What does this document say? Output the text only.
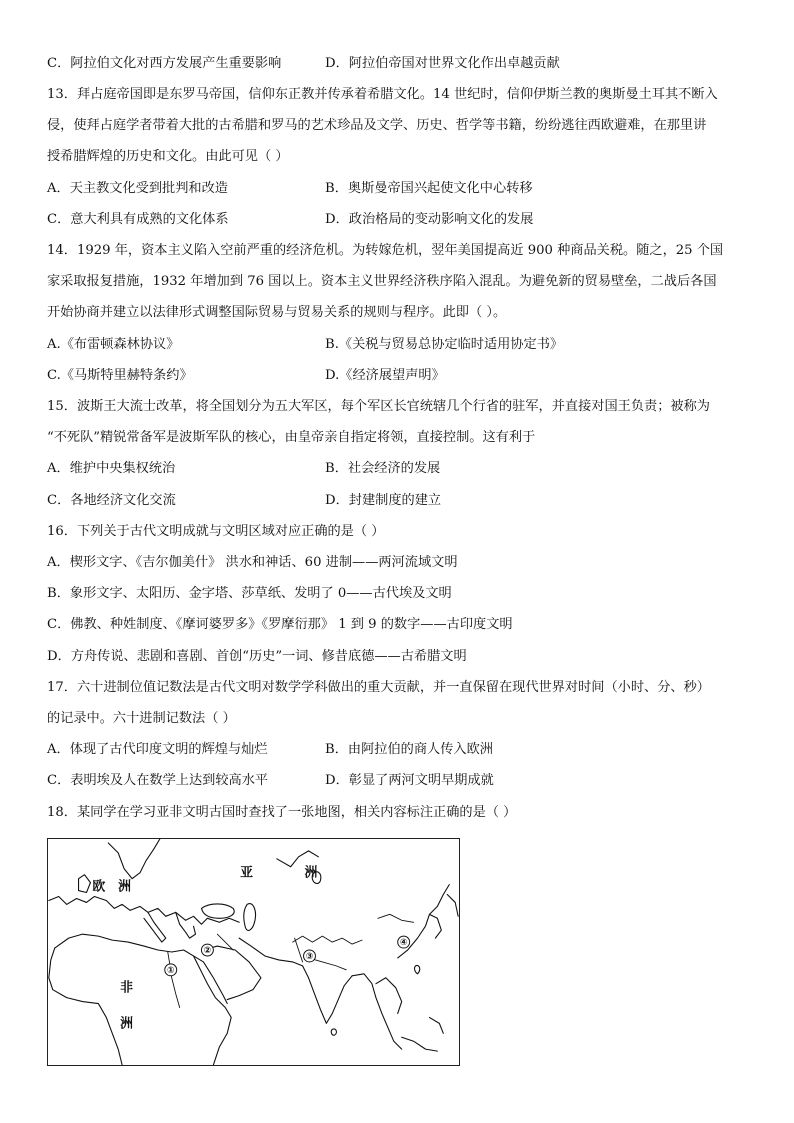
C．阿拉伯文化对西方发展产生重要影响	D．阿拉伯帝国对世界文化作出卓越贡献
13．拜占庭帝国即是东罗马帝国，信仰东正教并传承着希腊文化。14 世纪时，信仰伊斯兰教的奥斯曼土耳其不断入
侵，使拜占庭学者带着大批的古希腊和罗马的艺术珍品及文学、历史、哲学等书籍，纷纷逃往西欧避难，在那里讲
授希腊辉煌的历史和文化。由此可见（ ）
A．天主教文化受到批判和改造	B．奥斯曼帝国兴起使文化中心转移
C．意大利具有成熟的文化体系	D．政治格局的变动影响文化的发展
14．1929 年，资本主义陷入空前严重的经济危机。为转嫁危机，翌年美国提高近 900 种商品关税。随之，25 个国
家采取报复措施，1932 年增加到 76 国以上。资本主义世界经济秩序陷入混乱。为避免新的贸易壁垒，二战后各国
开始协商并建立以法律形式调整国际贸易与贸易关系的规则与程序。此即（ ）。
A.《布雷顿森林协议》	B.《关税与贸易总协定临时适用协定书》
C.《马斯特里赫特条约》	D.《经济展望声明》
15．波斯王大流士改革，将全国划分为五大军区，每个军区长官统辖几个行省的驻军，并直接对国王负责；被称为
“不死队”精锐常备军是波斯军队的核心，由皇帝亲自指定将领，直接控制。这有利于
A．维护中央集权统治	B．社会经济的发展
C．各地经济文化交流	D．封建制度的建立
16．下列关于古代文明成就与文明区域对应正确的是（ ）
A．楔形文字、《吉尔伽美什》 洪水和神话、60 进制——两河流域文明
B．象形文字、太阳历、金字塔、莎草纸、发明了 0——古代埃及文明
C．佛教、种姓制度、《摩诃婆罗多》《罗摩衍那》 1 到 9 的数字——古印度文明
D．方舟传说、悲剧和喜剧、首创“历史”一词、修昔底德——古希腊文明
17．六十进制位值记数法是古代文明对数学学科做出的重大贡献，并一直保留在现代世界对时间（小时、分、秒）
的记录中。六十进制记数法（ ）
A．体现了古代印度文明的辉煌与灿烂	B．由阿拉伯的商人传入欧洲
C．表明埃及人在数学上达到较高水平	D．彰显了两河文明早期成就
18．某同学在学习亚非文明古国时查找了一张地图，相关内容标注正确的是（ ）
亚	洲
欧　洲
非
洲
①
②
③
④
